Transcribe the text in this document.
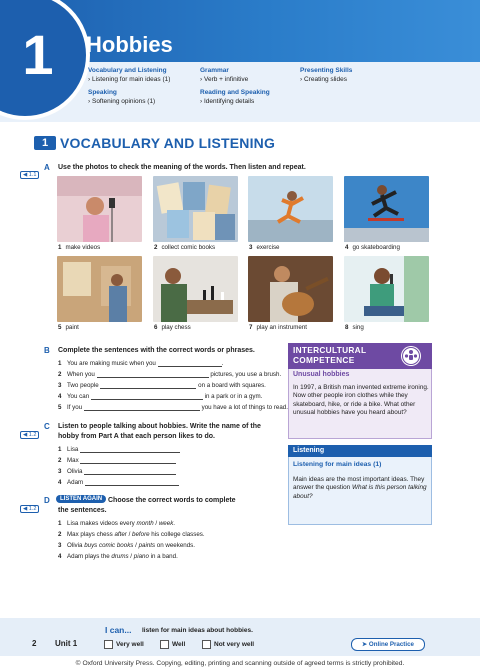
1	Hobbies
Vocabulary and Listening
› Listening for main ideas (1)
Grammar
› Verb + infinitive
Presenting Skills
› Creating slides
Speaking
› Softening opinions (1)
Reading and Speaking
› Identifying details
1 VOCABULARY AND LISTENING
◀ 1.1
A Use the photos to check the meaning of the words. Then listen and repeat.
1 make videos	2 collect comic books	3 exercise	4 go skateboarding
5 paint	6 play chess	7 play an instrument	8 sing
B Complete the sentences with the correct words or phrases.
1 You are making music when you	.
2 When you	pictures, you use a brush.
3 Two people	on a board with squares.
4 You can	in a park or in a gym.
5 If you	you have a lot of things to read.
◀ 1.2
C Listen to people talking about hobbies. Write the name of the
hobby from Part A that each person likes to do.
1 Lisa
2 Max
3 Olivia
4 Adam
◀ 1.2
D	LISTEN AGAIN Choose the correct words to complete
the sentences.
1 Lisa makes videos every month / week.
2 Max plays chess after / before his college classes.
3 Olivia buys comic books / paints on weekends.
4 Adam plays the drums / piano in a band.
INTERCULTURAL
COMPETENCE
Unusual hobbies
In 1997, a British man invented extreme ironing. Now other people iron clothes while they skateboard, hike, or ride a bike. What other unusual hobbies have you heard about?
Listening
Listening for main ideas (1)
Main ideas are the most important ideas. They answer the question What is this person talking about?
I can... listen for main ideas about hobbies.
2 Unit 1	Very well	Well	Not very well	➤ Online Practice
© Oxford University Press. Copying, editing, printing and scanning outside of agreed terms is strictly prohibited.
